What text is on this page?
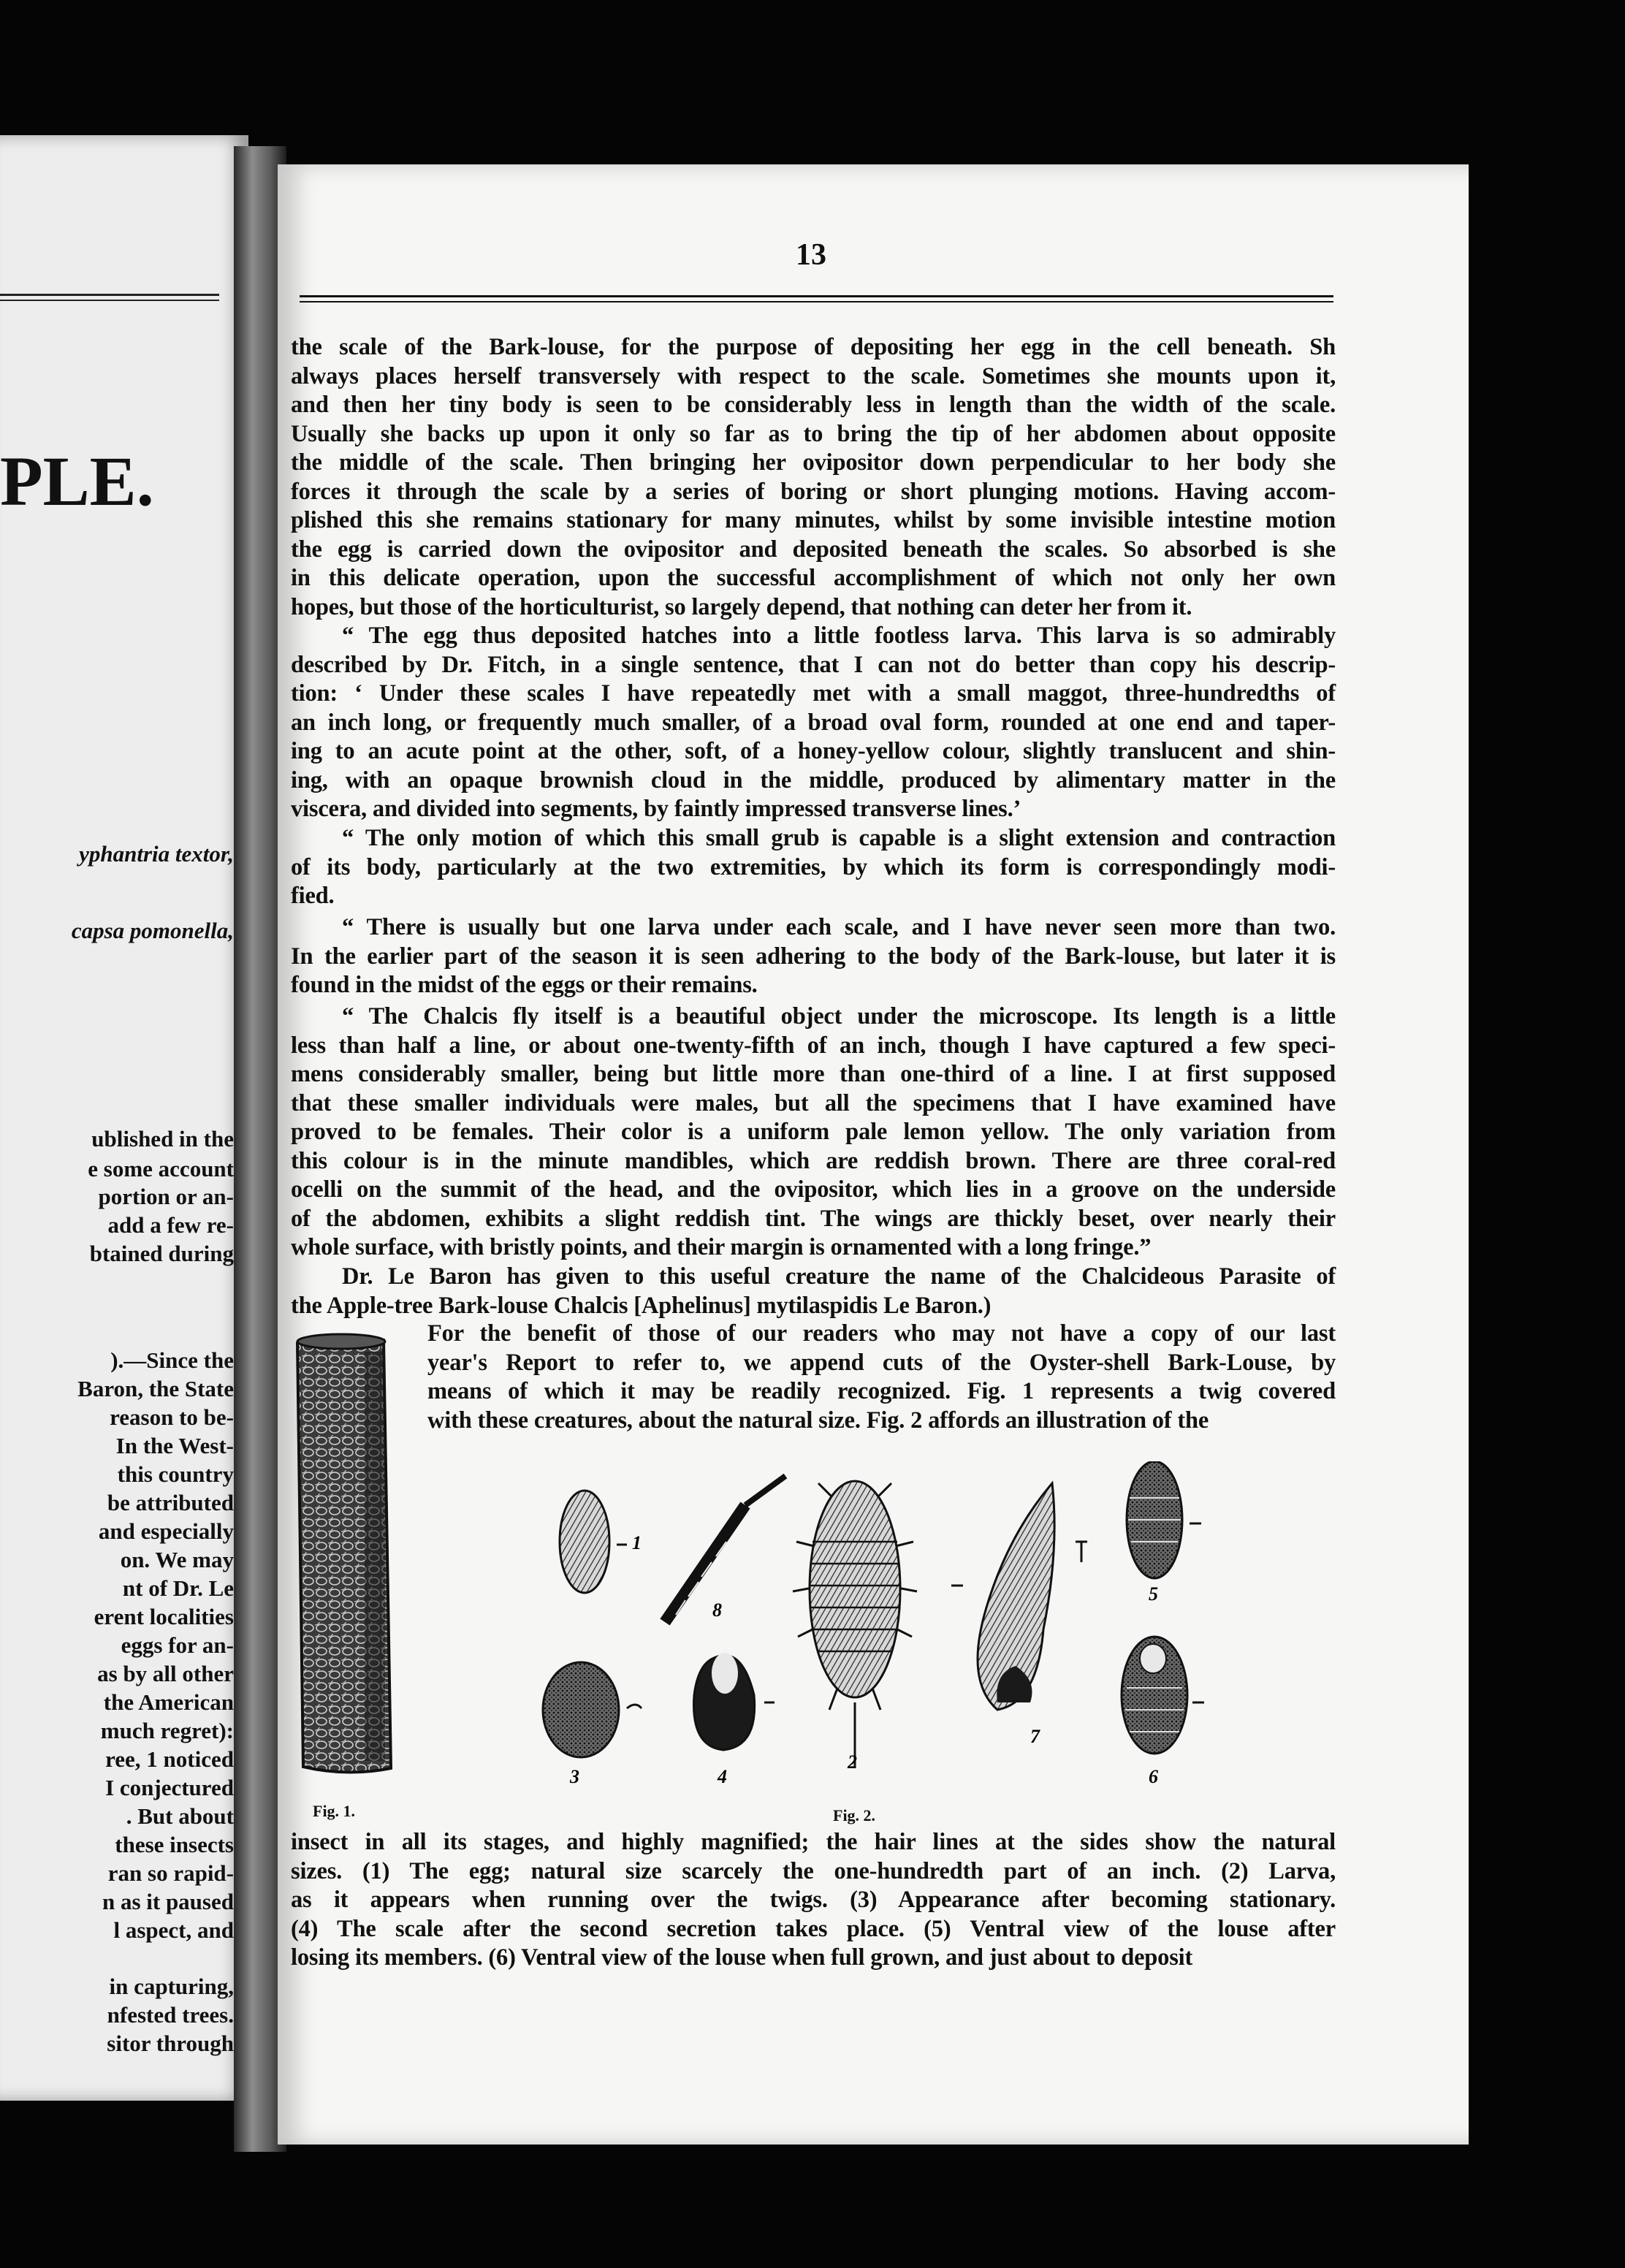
PLE.
yphantria textor,
capsa pomonella,
ublished in the
e some account
portion or an-
add a few re-
btained during
).—Since the
Baron, the State
reason to be-
In the West-
this country
be attributed
and especially
on. We may
nt of Dr. Le
erent localities
eggs for an-
as by all other
the American
much regret):
ree, 1 noticed
I conjectured
. But about
these insects
ran so rapid-
n as it paused
l aspect, and
in capturing,
nfested trees.
sitor through
13
the scale of the Bark-louse, for the purpose of depositing her egg in the cell beneath. Sh
always places herself transversely with respect to the scale. Sometimes she mounts upon it,
and then her tiny body is seen to be considerably less in length than the width of the scale.
Usually she backs up upon it only so far as to bring the tip of her abdomen about opposite
the middle of the scale. Then bringing her ovipositor down perpendicular to her body she
forces it through the scale by a series of boring or short plunging motions. Having accom-
plished this she remains stationary for many minutes, whilst by some invisible intestine motion
the egg is carried down the ovipositor and deposited beneath the scales. So absorbed is she
in this delicate operation, upon the successful accomplishment of which not only her own
hopes, but those of the horticulturist, so largely depend, that nothing can deter her from it.
“ The egg thus deposited hatches into a little footless larva. This larva is so admirably
described by Dr. Fitch, in a single sentence, that I can not do better than copy his descrip-
tion: ‘ Under these scales I have repeatedly met with a small maggot, three-hundredths of
an inch long, or frequently much smaller, of a broad oval form, rounded at one end and taper-
ing to an acute point at the other, soft, of a honey-yellow colour, slightly translucent and shin-
ing, with an opaque brownish cloud in the middle, produced by alimentary matter in the
viscera, and divided into segments, by faintly impressed transverse lines.’
“ The only motion of which this small grub is capable is a slight extension and contraction
of its body, particularly at the two extremities, by which its form is correspondingly modi-
fied.
“ There is usually but one larva under each scale, and I have never seen more than two.
In the earlier part of the season it is seen adhering to the body of the Bark-louse, but later it is
found in the midst of the eggs or their remains.
“ The Chalcis fly itself is a beautiful object under the microscope. Its length is a little
less than half a line, or about one-twenty-fifth of an inch, though I have captured a few speci-
mens considerably smaller, being but little more than one-third of a line. I at first supposed
that these smaller individuals were males, but all the specimens that I have examined have
proved to be females. Their color is a uniform pale lemon yellow. The only variation from
this colour is in the minute mandibles, which are reddish brown. There are three coral-red
ocelli on the summit of the head, and the ovipositor, which lies in a groove on the underside
of the abdomen, exhibits a slight reddish tint. The wings are thickly beset, over nearly their
whole surface, with bristly points, and their margin is ornamented with a long fringe.”
Dr. Le Baron has given to this useful creature the name of the Chalcideous Parasite of
the Apple-tree Bark-louse Chalcis [Aphelinus] mytilaspidis Le Baron.)
For the benefit of those of our readers who may not have a copy of our last
year's Report to refer to, we append cuts of the Oyster-shell Bark-Louse, by
means of which it may be readily recognized. Fig. 1 represents a twig covered
with these creatures, about the natural size. Fig. 2 affords an illustration of the
insect in all its stages, and highly magnified; the hair lines at the sides show the natural
sizes. (1) The egg; natural size scarcely the one-hundredth part of an inch. (2) Larva,
as it appears when running over the twigs. (3) Appearance after becoming stationary.
(4) The scale after the second secretion takes place. (5) Ventral view of the louse after
losing its members. (6) Ventral view of the louse when full grown, and just about to deposit
Fig. 1.
8
3	4
2
7
5
6
1
Fig. 2.
